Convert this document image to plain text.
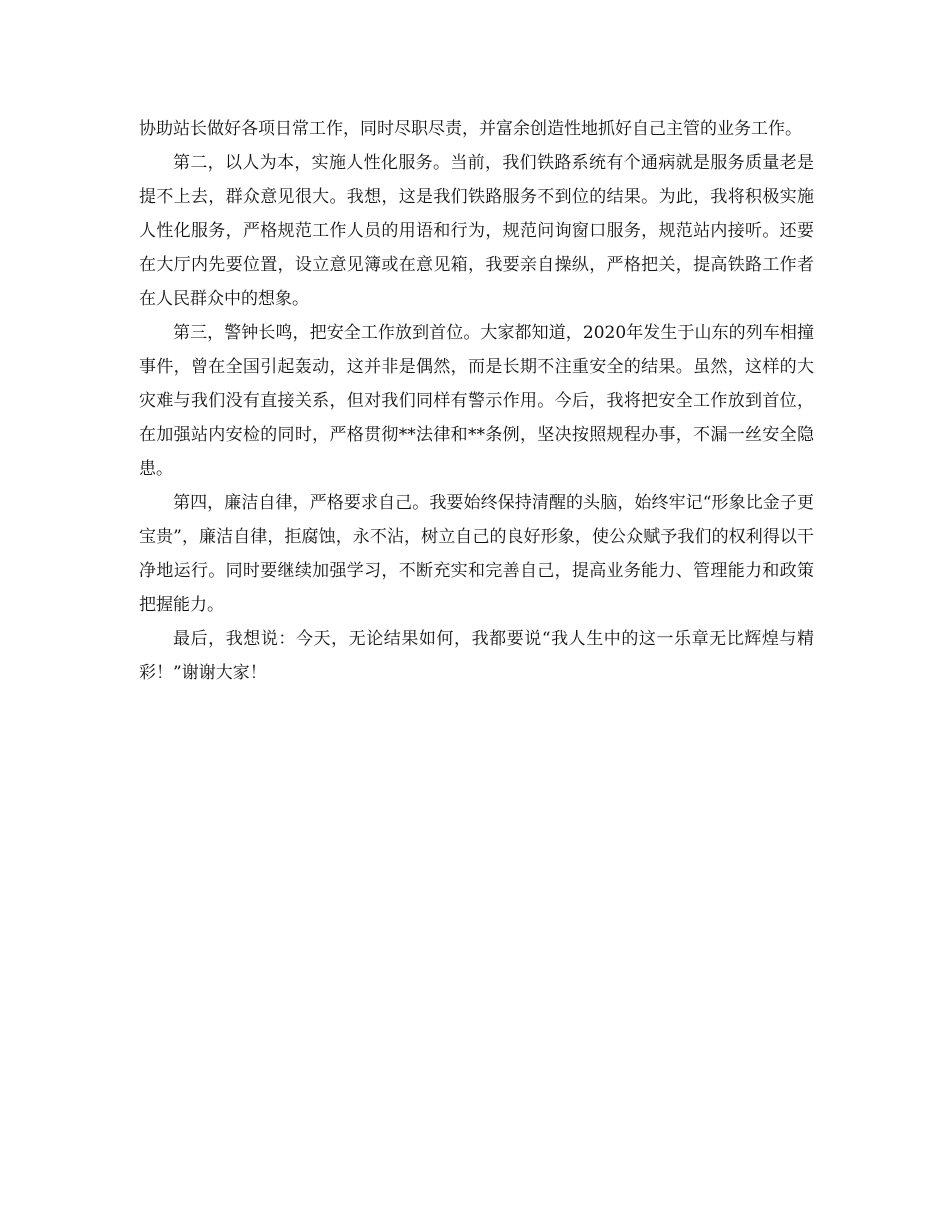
协助站长做好各项日常工作，同时尽职尽责，并富余创造性地抓好自己主管的业务工作。

第二，以人为本，实施人性化服务。当前，我们铁路系统有个通病就是服务质量老是提不上去，群众意见很大。我想，这是我们铁路服务不到位的结果。为此，我将积极实施人性化服务，严格规范工作人员的用语和行为，规范问询窗口服务，规范站内接听。还要在大厅内先要位置，设立意见簿或在意见箱，我要亲自操纵，严格把关，提高铁路工作者在人民群众中的想象。

第三，警钟长鸣，把安全工作放到首位。大家都知道，2020年发生于山东的列车相撞事件，曾在全国引起轰动，这并非是偶然，而是长期不注重安全的结果。虽然，这样的大灾难与我们没有直接关系，但对我们同样有警示作用。今后，我将把安全工作放到首位，在加强站内安检的同时，严格贯彻**法律和**条例，坚决按照规程办事，不漏一丝安全隐患。

第四，廉洁自律，严格要求自己。我要始终保持清醒的头脑，始终牢记“形象比金子更宝贵”，廉洁自律，拒腐蚀，永不沾，树立自己的良好形象，使公众赋予我们的权利得以干净地运行。同时要继续加强学习，不断充实和完善自己，提高业务能力、管理能力和政策把握能力。

最后，我想说：今天，无论结果如何，我都要说“我人生中的这一乐章无比辉煌与精彩！”谢谢大家！
